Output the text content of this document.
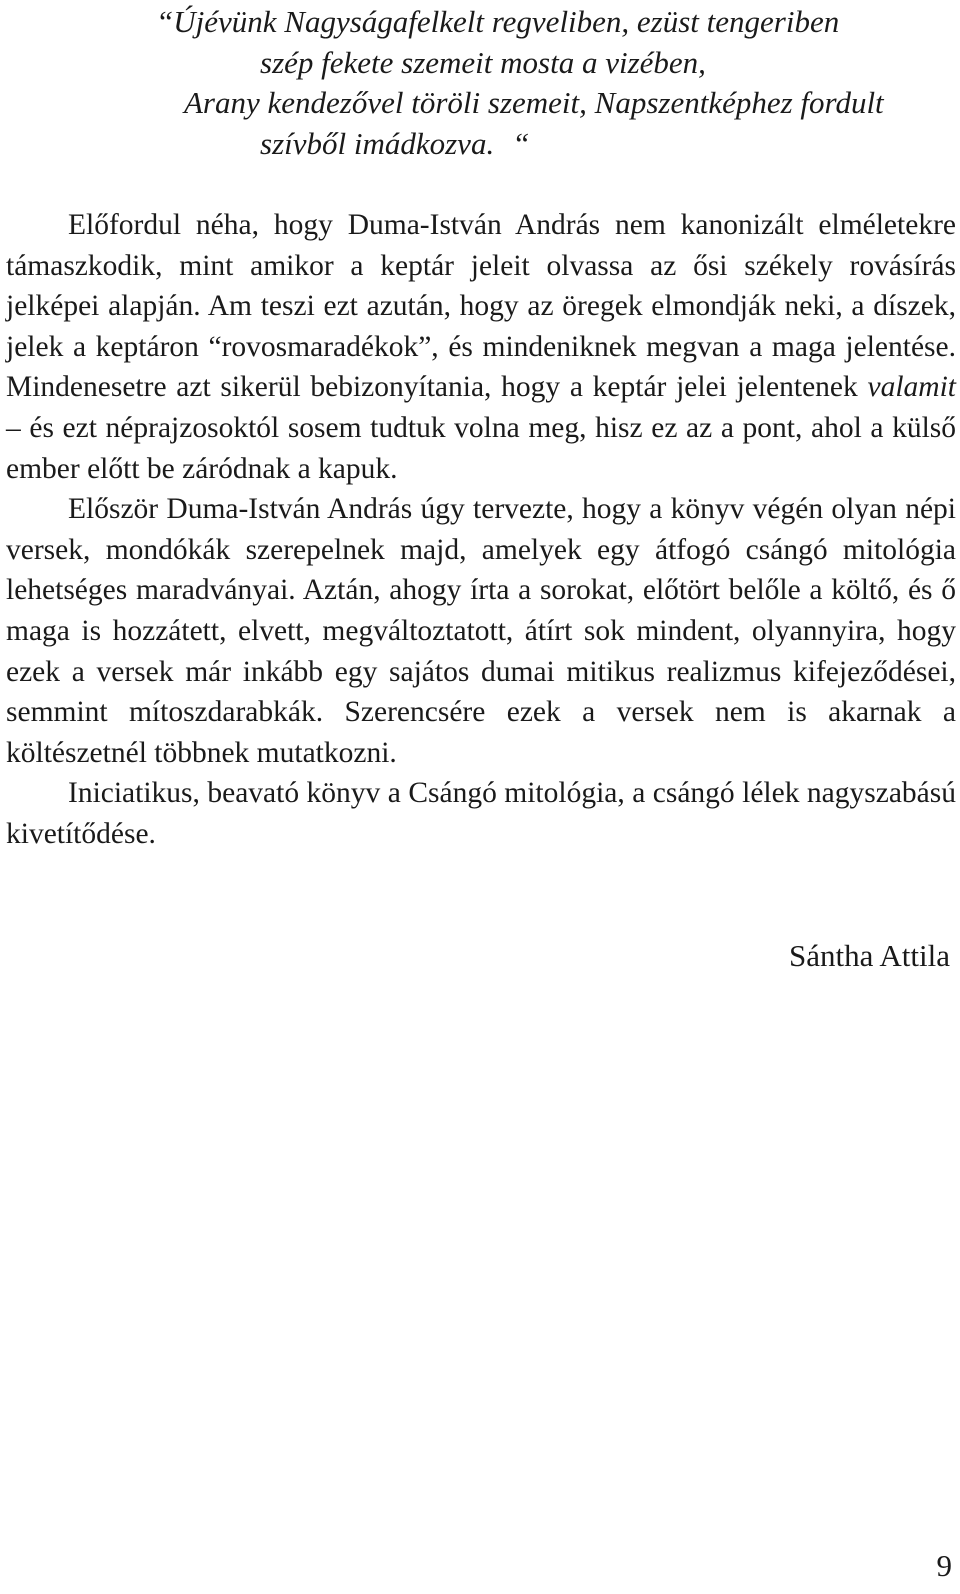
“Újévünk Nagyságafelkelt regveliben, ezüst tengeriben
szép fekete szemeit mosta a vizében,
Arany kendezővel töröli szemeit, Napszentképhez fordult
szívből imádkozva. “

Előfordul néha, hogy Duma-István András nem kanonizált elméletekre támaszkodik, mint amikor a keptár jeleit olvassa az ősi székely rovásírás jelképei alapján. Am teszi ezt azután, hogy az öregek elmondják neki, a díszek, jelek a keptáron “rovosmaradékok”, és mindeniknek megvan a maga jelentése. Mindenesetre azt sikerül bebizonyítania, hogy a keptár jelei jelentenek valamit – és ezt néprajzosoktól sosem tudtuk volna meg, hisz ez az a pont, ahol a külső ember előtt be záródnak a kapuk.

Először Duma-István András úgy tervezte, hogy a könyv végén olyan népi versek, mondókák szerepelnek majd, amelyek egy átfogó csángó mitológia lehetséges maradványai. Aztán, ahogy írta a sorokat, előtört belőle a költő, és ő maga is hozzátett, elvett, megváltoztatott, átírt sok mindent, olyannyira, hogy ezek a versek már inkább egy sajátos dumai mitikus realizmus kifejeződései, semmint mítoszdarabkák. Szerencsére ezek a versek nem is akarnak a költészetnél többnek mutatkozni.

Iniciatikus, beavató könyv a Csángó mitológia, a csángó lélek nagyszabású kivetítődése.

Sántha Attila
9
